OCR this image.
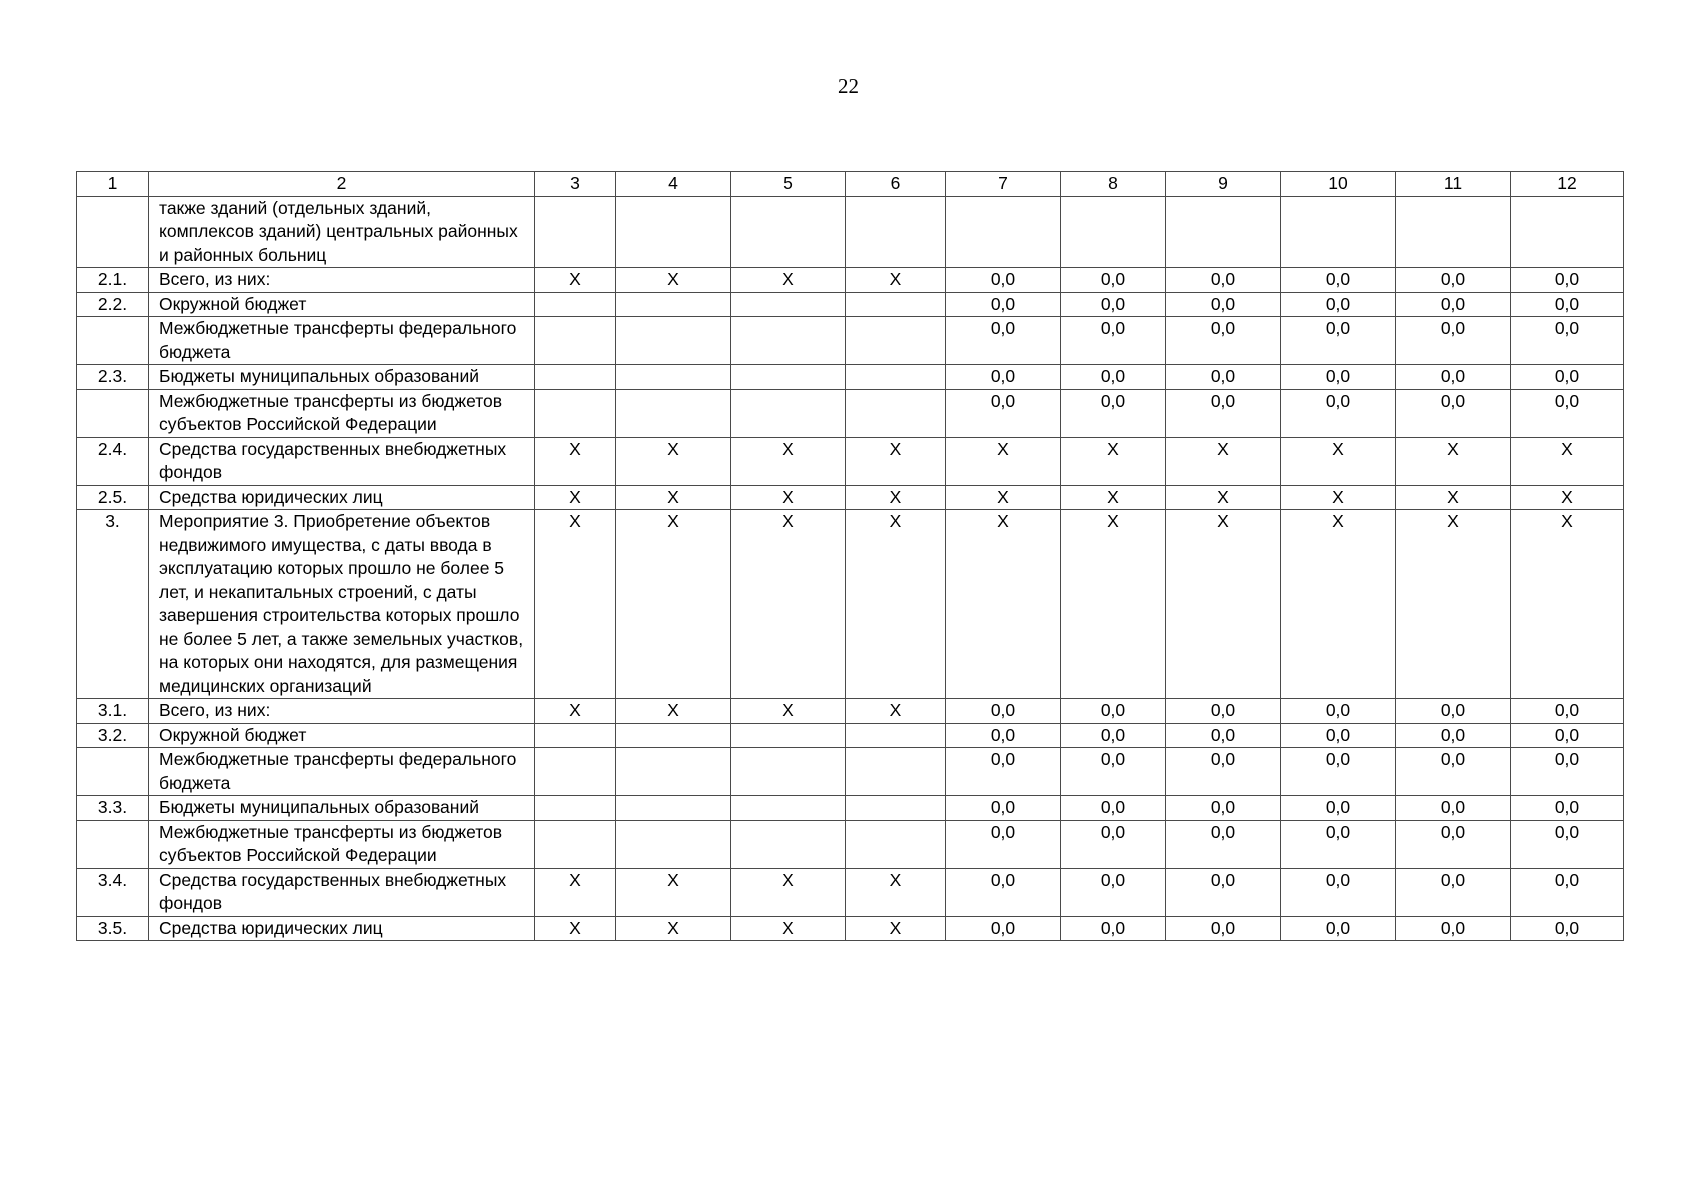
22
1	2	3	4	5	6	7	8	9	10	11	12
	также зданий (отдельных зданий, комплексов зданий) центральных районных и районных больниц										
2.1.	Всего, из них:	X	X	X	X	0,0	0,0	0,0	0,0	0,0	0,0
2.2.	Окружной бюджет					0,0	0,0	0,0	0,0	0,0	0,0
	Межбюджетные трансферты федерального бюджета					0,0	0,0	0,0	0,0	0,0	0,0
2.3.	Бюджеты муниципальных образований					0,0	0,0	0,0	0,0	0,0	0,0
	Межбюджетные трансферты из бюджетов субъектов Российской Федерации					0,0	0,0	0,0	0,0	0,0	0,0
2.4.	Средства государственных внебюджетных фондов	X	X	X	X	X	X	X	X	X	X
2.5.	Средства юридических лиц	X	X	X	X	X	X	X	X	X	X
3.	Мероприятие 3. Приобретение объектов недвижимого имущества, с даты ввода в эксплуатацию которых прошло не более 5 лет, и некапитальных строений, с даты завершения строительства которых прошло не более 5 лет, а также земельных участков, на которых они находятся, для размещения медицинских организаций	X	X	X	X	X	X	X	X	X	X
3.1.	Всего, из них:	X	X	X	X	0,0	0,0	0,0	0,0	0,0	0,0
3.2.	Окружной бюджет					0,0	0,0	0,0	0,0	0,0	0,0
	Межбюджетные трансферты федерального бюджета					0,0	0,0	0,0	0,0	0,0	0,0
3.3.	Бюджеты муниципальных образований					0,0	0,0	0,0	0,0	0,0	0,0
	Межбюджетные трансферты из бюджетов субъектов Российской Федерации					0,0	0,0	0,0	0,0	0,0	0,0
3.4.	Средства государственных внебюджетных фондов	X	X	X	X	0,0	0,0	0,0	0,0	0,0	0,0
3.5.	Средства юридических лиц	X	X	X	X	0,0	0,0	0,0	0,0	0,0	0,0
